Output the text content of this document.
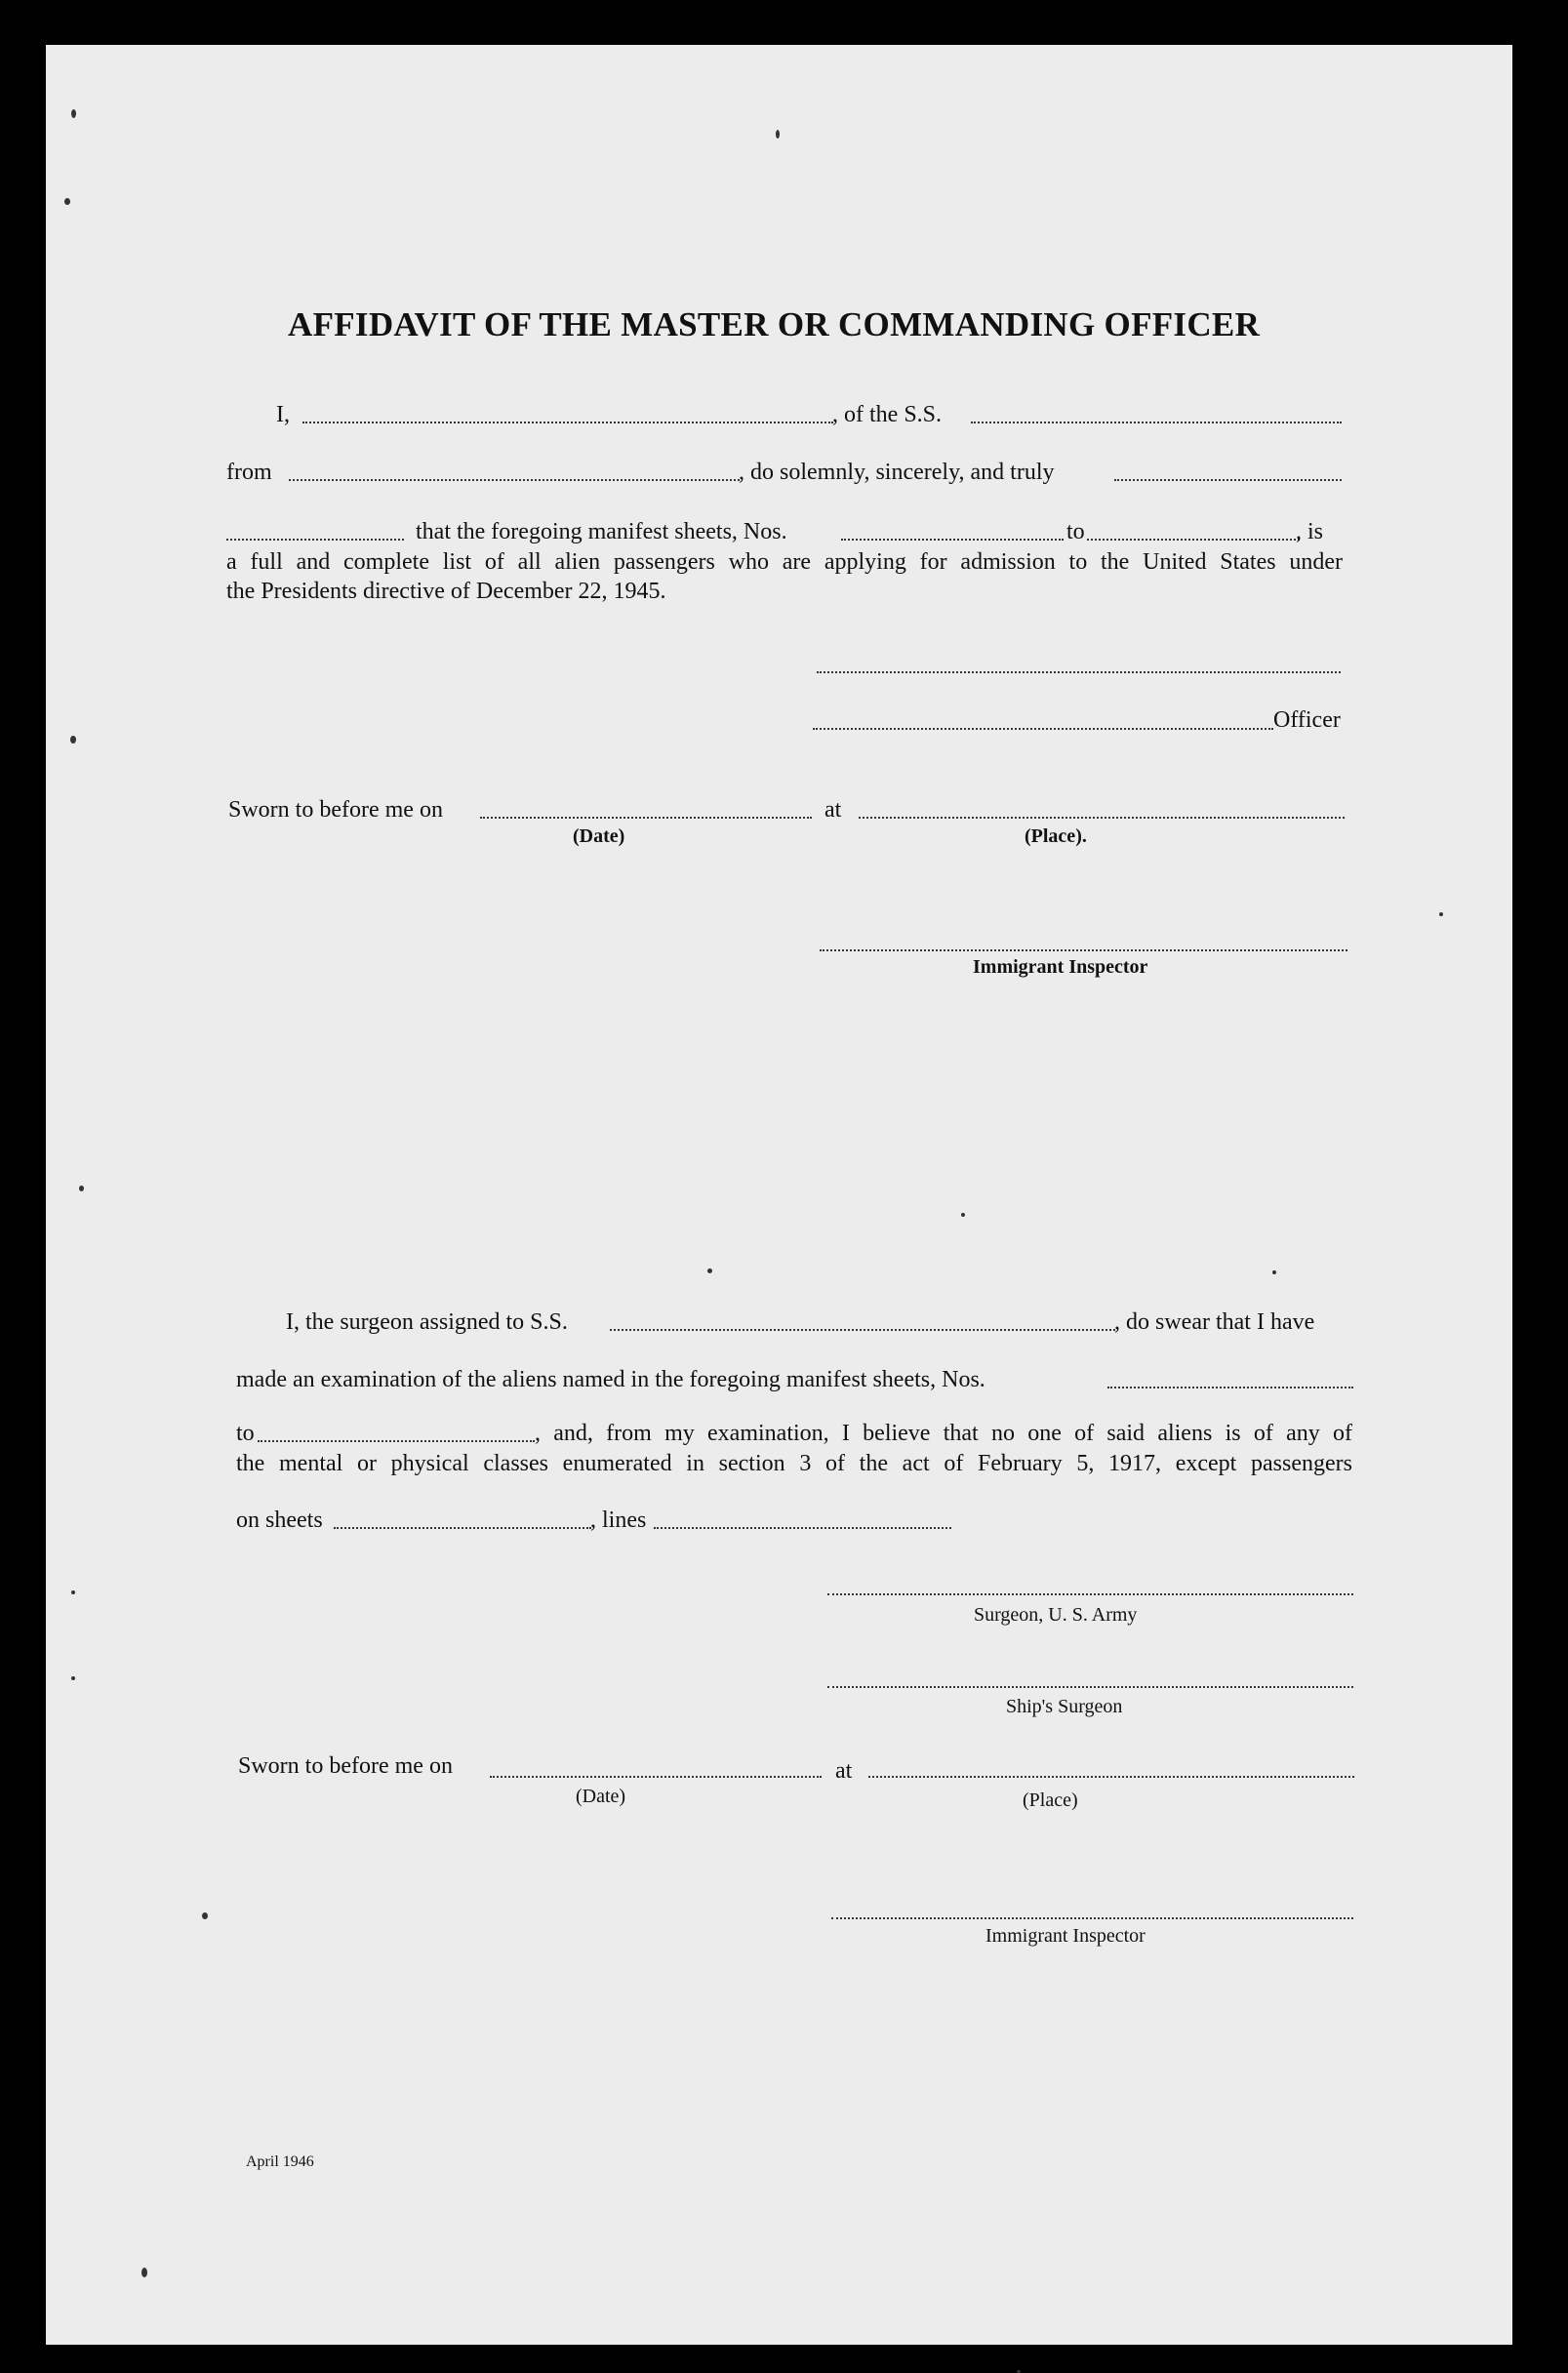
AFFIDAVIT OF THE MASTER OR COMMANDING OFFICER
I,	, of the S.S.
from	, do solemnly, sincerely, and truly
that the foregoing manifest sheets, Nos.	to	, is
a full and complete list of all alien passengers who are applying for admission to the United States under
the Presidents directive of December 22, 1945.
Officer
Sworn to before me on	at
(Date)	(Place).
Immigrant Inspector
I, the surgeon assigned to S.S.	, do swear that I have
made an examination of the aliens named in the foregoing manifest sheets, Nos.
to	, and, from my examination, I believe that no one of said aliens is of any of
the mental or physical classes enumerated in section 3 of the act of February 5, 1917, except passengers
on sheets	, lines
Surgeon, U. S. Army
Ship's Surgeon
Sworn to before me on	at
(Date)	(Place)
Immigrant Inspector
April 1946
